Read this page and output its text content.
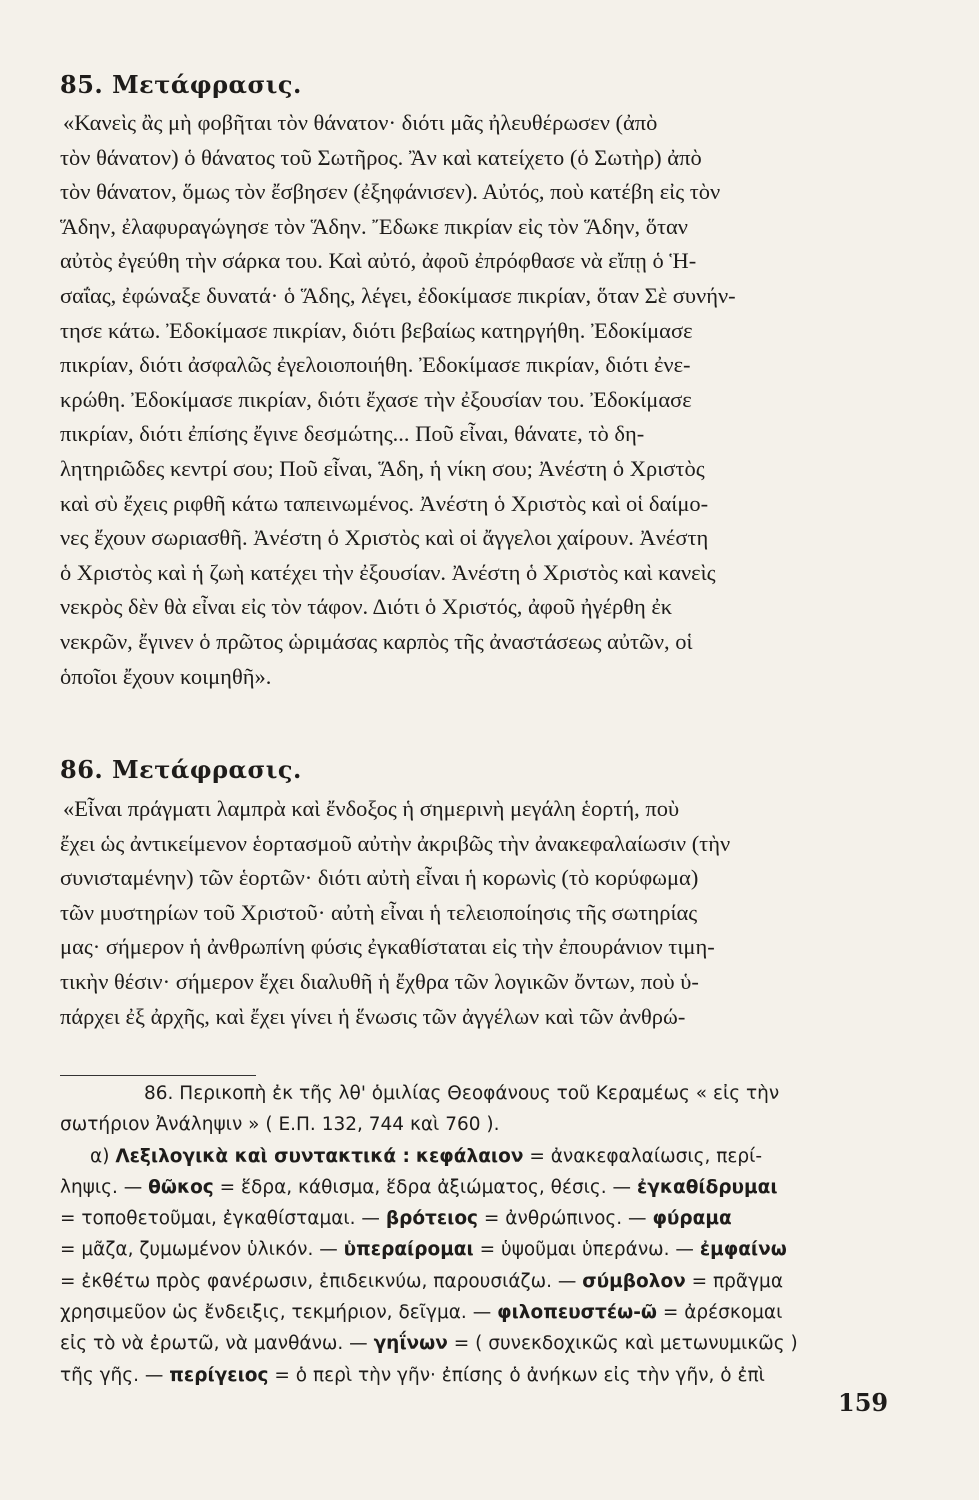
85. Μετάφρασις.
«Κανεὶς ἂς μὴ φοβῆται τὸν θάνατον· διότι μᾶς ἠλευθέρωσεν (ἀπὸ
τὸν θάνατον) ὁ θάνατος τοῦ Σωτῆρος. Ἂν καὶ κατείχετο (ὁ Σωτὴρ) ἀπὸ
τὸν θάνατον, ὅμως τὸν ἔσβησεν (ἐξηφάνισεν). Αὐτός, ποὺ κατέβη εἰς τὸν
Ἅδην, ἐλαφυραγώγησε τὸν Ἅδην. Ἔδωκε πικρίαν εἰς τὸν Ἅδην, ὅταν
αὐτὸς ἐγεύθη τὴν σάρκα του. Καὶ αὐτό, ἀφοῦ ἐπρόφθασε νὰ εἴπῃ ὁ Ἡ-
σαΐας, ἐφώναξε δυνατά· ὁ Ἅδης, λέγει, ἐδοκίμασε πικρίαν, ὅταν Σὲ συνήν-
τησε κάτω. Ἐδοκίμασε πικρίαν, διότι βεβαίως κατηργήθη. Ἐδοκίμασε
πικρίαν, διότι ἀσφαλῶς ἐγελοιοποιήθη. Ἐδοκίμασε πικρίαν, διότι ἐνε-
κρώθη. Ἐδοκίμασε πικρίαν, διότι ἔχασε τὴν ἐξουσίαν του. Ἐδοκίμασε
πικρίαν, διότι ἐπίσης ἔγινε δεσμώτης... Ποῦ εἶναι, θάνατε, τὸ δη-
λητηριῶδες κεντρί σου; Ποῦ εἶναι, Ἅδη, ἡ νίκη σου; Ἀνέστη ὁ Χριστὸς
καὶ σὺ ἔχεις ριφθῆ κάτω ταπεινωμένος. Ἀνέστη ὁ Χριστὸς καὶ οἱ δαίμο-
νες ἔχουν σωριασθῆ. Ἀνέστη ὁ Χριστὸς καὶ οἱ ἄγγελοι χαίρουν. Ἀνέστη
ὁ Χριστὸς καὶ ἡ ζωὴ κατέχει τὴν ἐξουσίαν. Ἀνέστη ὁ Χριστὸς καὶ κανεὶς
νεκρὸς δὲν θὰ εἶναι εἰς τὸν τάφον. Διότι ὁ Χριστός, ἀφοῦ ἠγέρθη ἐκ
νεκρῶν, ἔγινεν ὁ πρῶτος ὡριμάσας καρπὸς τῆς ἀναστάσεως αὐτῶν, οἱ
ὁποῖοι ἔχουν κοιμηθῆ».
86. Μετάφρασις.
«Εἶναι πράγματι λαμπρὰ καὶ ἔνδοξος ἡ σημερινὴ μεγάλη ἑορτή, ποὺ
ἔχει ὡς ἀντικείμενον ἑορτασμοῦ αὐτὴν ἀκριβῶς τὴν ἀνακεφαλαίωσιν (τὴν
συνισταμένην) τῶν ἑορτῶν· διότι αὐτὴ εἶναι ἡ κορωνὶς (τὸ κορύφωμα)
τῶν μυστηρίων τοῦ Χριστοῦ· αὐτὴ εἶναι ἡ τελειοποίησις τῆς σωτηρίας
μας· σήμερον ἡ ἀνθρωπίνη φύσις ἐγκαθίσταται εἰς τὴν ἐπουράνιον τιμη-
τικὴν θέσιν· σήμερον ἔχει διαλυθῆ ἡ ἔχθρα τῶν λογικῶν ὄντων, ποὺ ὑ-
πάρχει ἐξ ἀρχῆς, καὶ ἔχει γίνει ἡ ἕνωσις τῶν ἀγγέλων καὶ τῶν ἀνθρώ-
86. Περικοπὴ ἐκ τῆς λθ' ὁμιλίας Θεοφάνους τοῦ Κεραμέως « εἰς τὴν
σωτήριον Ἀνάληψιν » ( Ε.Π. 132, 744 καὶ 760 ).
α) Λεξιλογικὰ καὶ συντακτικά : κεφάλαιον = ἀνακεφαλαίωσις, περί-
ληψις. — θῶκος = ἕδρα, κάθισμα, ἕδρα ἀξιώματος, θέσις. — ἐγκαθίδρυμαι
= τοποθετοῦμαι, ἐγκαθίσταμαι. — βρότειος = ἀνθρώπινος. — φύραμα
= μᾶζα, ζυμωμένον ὑλικόν. — ὑπεραίρομαι = ὑψοῦμαι ὑπεράνω. — ἐμφαίνω
= ἐκθέτω πρὸς φανέρωσιν, ἐπιδεικνύω, παρουσιάζω. — σύμβολον = πρᾶγμα
χρησιμεῦον ὡς ἔνδειξις, τεκμήριον, δεῖγμα. — φιλοπευστέω-ῶ = ἀρέσκομαι
εἰς τὸ νὰ ἐρωτῶ, νὰ μανθάνω. — γηΐνων = ( συνεκδοχικῶς καὶ μετωνυμικῶς )
τῆς γῆς. — περίγειος = ὁ περὶ τὴν γῆν· ἐπίσης ὁ ἀνήκων εἰς τὴν γῆν, ὁ ἐπὶ
159
